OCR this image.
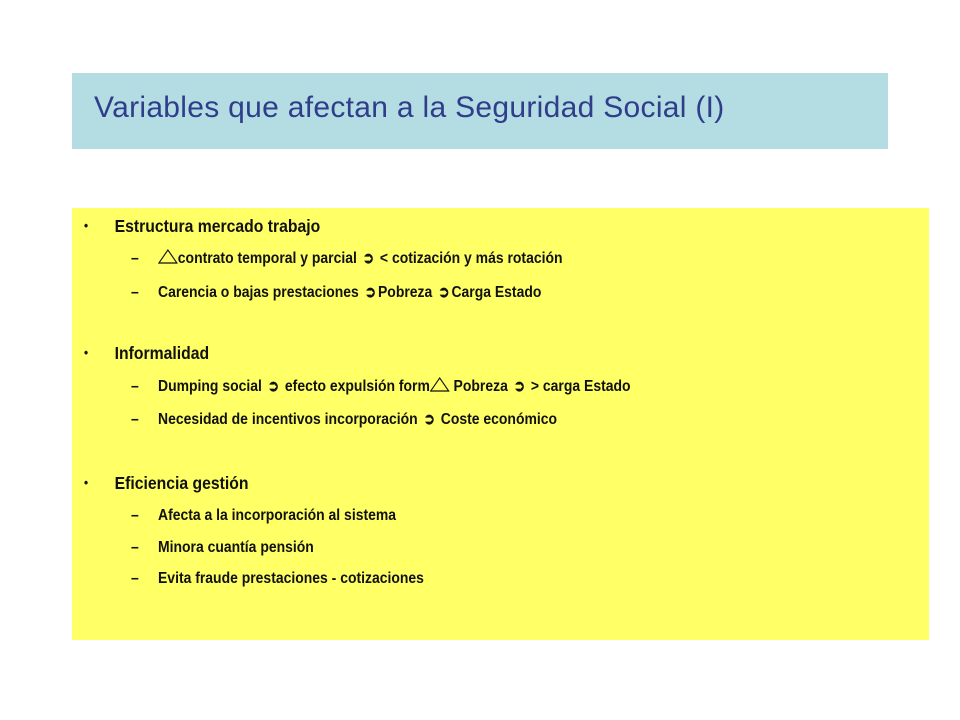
Variables que afectan a la Seguridad Social (I)
• Estructura mercado trabajo
–	contrato temporal y parcial ➲ < cotización y más rotación
– Carencia o bajas prestaciones ➲ Pobreza ➲ Carga Estado
• Informalidad
– Dumping social ➲ efecto expulsión form
Pobreza ➲ > carga Estado
– Necesidad de incentivos incorporación ➲ Coste económico
• Eficiencia gestión
– Afecta a la incorporación al sistema
– Minora cuantía pensión
– Evita fraude prestaciones - cotizaciones
